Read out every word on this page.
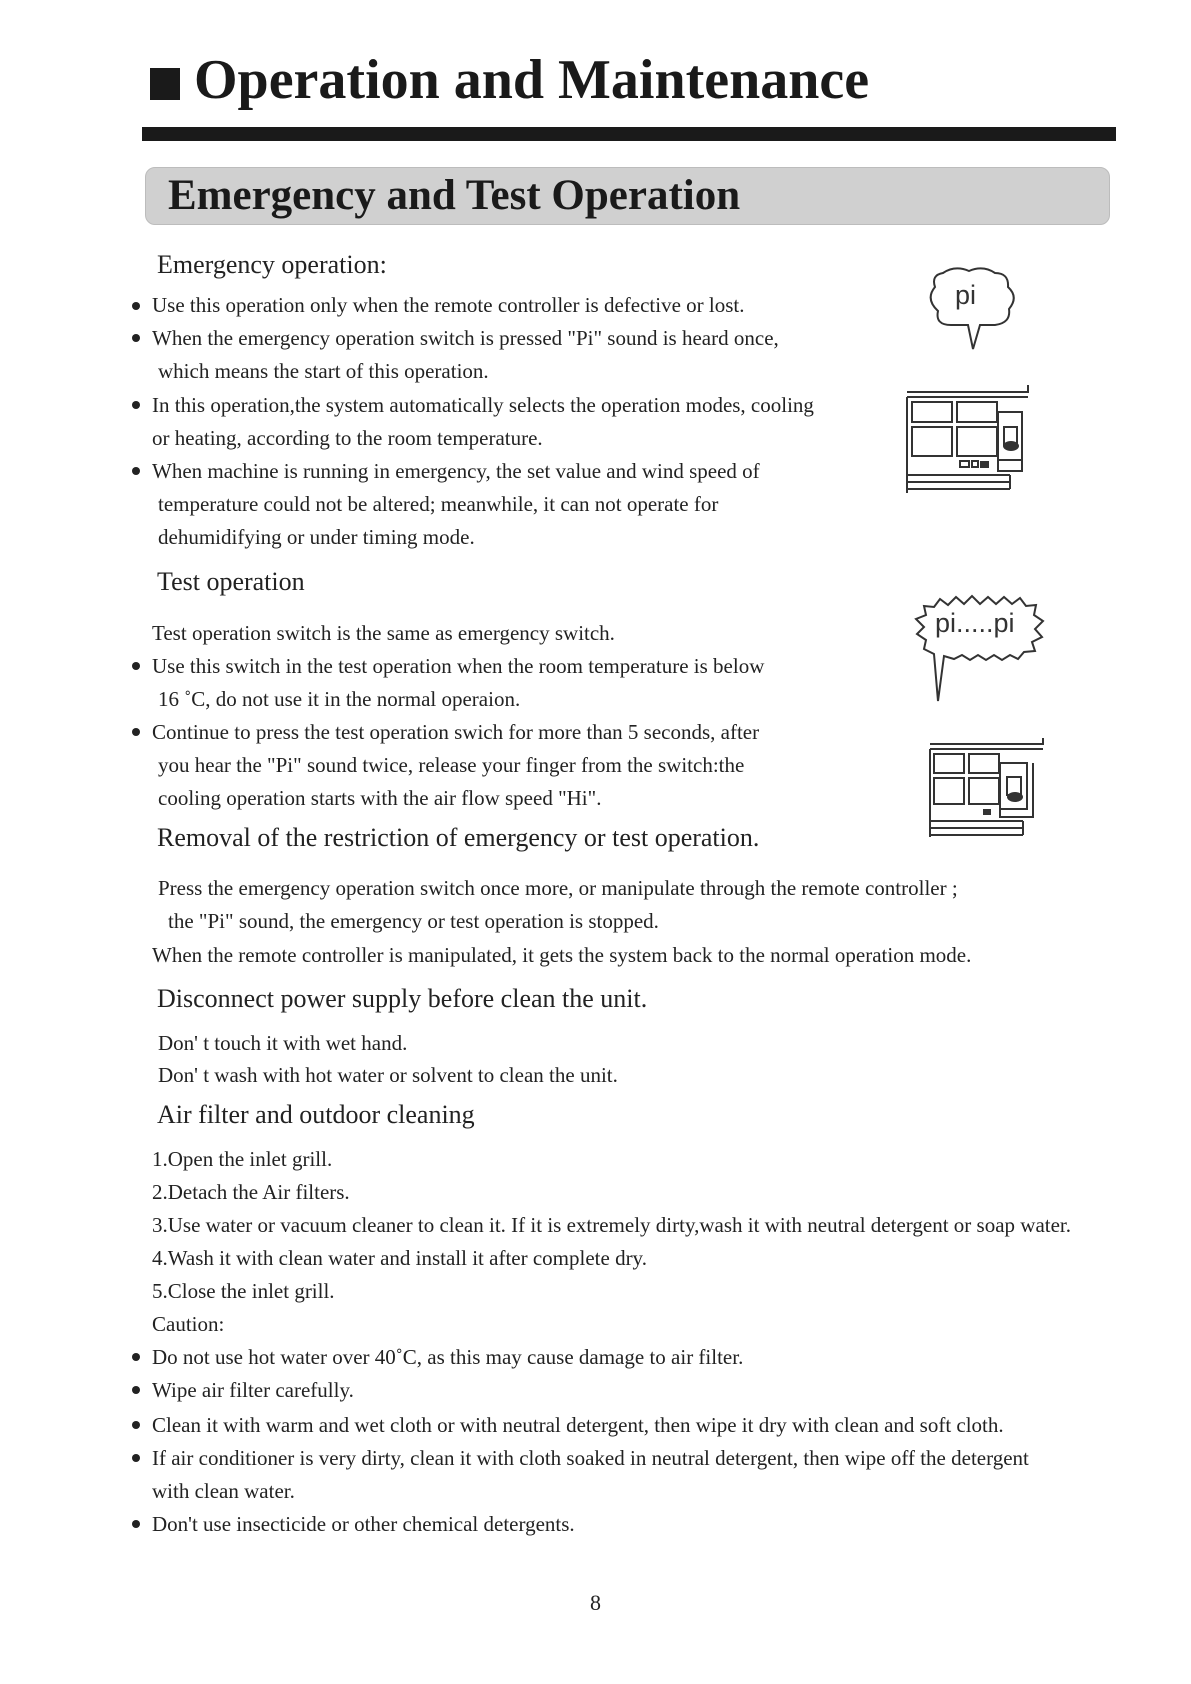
Operation and Maintenance
Emergency and Test Operation
Emergency operation:
Use this operation only when the remote controller is defective or lost.
When the emergency operation switch is pressed "Pi" sound is heard once,
which means the start of this operation.
In this operation,the system automatically selects the operation modes, cooling
or heating, according to the room temperature.
When machine is running in emergency, the set value and wind speed of
temperature could not be altered; meanwhile, it can not operate for
dehumidifying or under timing mode.
pi
Test operation
Test operation switch is the same as emergency switch.
Use this switch in the test operation when the room temperature is below
16 ˚C, do not use it in the normal operaion.
Continue to press the test operation swich for more than 5 seconds, after
you hear the "Pi" sound twice, release your finger from the switch:the
cooling operation starts with the air flow speed "Hi".
pi.....pi
Removal of the restriction of emergency or test operation.
Press the emergency operation switch once more, or manipulate through the remote controller ;
the "Pi" sound, the emergency or test operation is stopped.
When the remote controller is manipulated, it gets the system back to the normal operation mode.
Disconnect power supply before clean the unit.
Don' t touch it with wet hand.
Don' t wash with hot water or solvent to clean the unit.
Air filter and outdoor cleaning
1.Open the inlet grill.
2.Detach the Air filters.
3.Use water or vacuum cleaner to clean it. If it is extremely dirty,wash it with neutral detergent or soap water.
4.Wash it with clean water and install it after complete dry.
5.Close the inlet grill.
Caution:
Do not use hot water over 40˚C, as this may cause damage to air filter.
Wipe air filter carefully.
Clean it with warm and wet cloth or with neutral detergent, then wipe it dry with clean and soft cloth.
If air conditioner is very dirty, clean it with cloth soaked in neutral detergent, then wipe off the detergent
with clean water.
Don't use insecticide or other chemical detergents.
8
